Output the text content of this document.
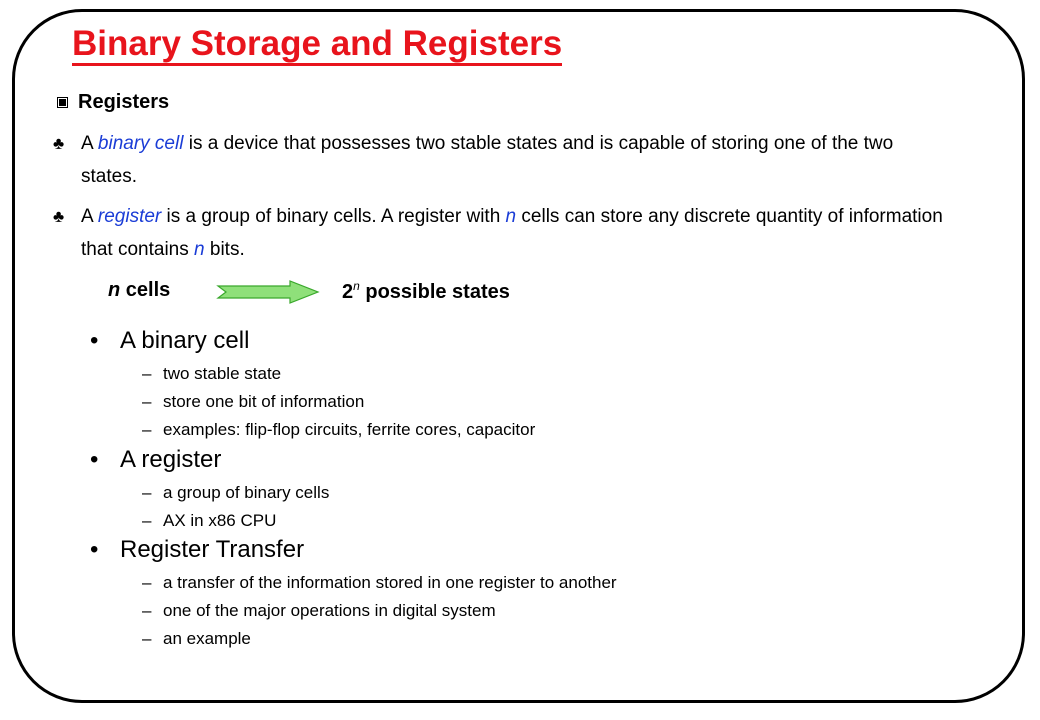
Binary Storage and Registers
Registers
♣ A binary cell is a device that possesses two stable states and is capable of storing one of the two states.
♣ A register is a group of binary cells. A register with n cells can store any discrete quantity of information that contains n bits.
n cells	2$^n$ possible states
• A binary cell
– two stable state
– store one bit of information
– examples: flip-flop circuits, ferrite cores, capacitor
• A register
– a group of binary cells
– AX in x86 CPU
• Register Transfer
– a transfer of the information stored in one register to another
– one of the major operations in digital system
– an example
